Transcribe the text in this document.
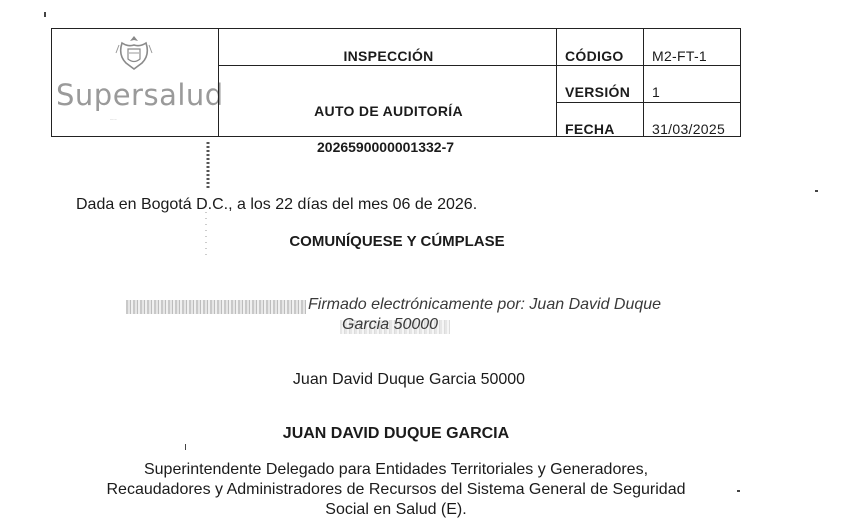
Supersalud
......
INSPECCIÓN
AUTO DE AUDITORÍA
CÓDIGO M2-FT-1
VERSIÓN 1
FECHA	31/03/2025
2026590000001332-7
Dada en Bogotá D.C., a los 22 días del mes 06 de 2026.
COMUNÍQUESE Y CÚMPLASE
Firmado electrónicamente por: Juan David Duque
Garcia 50000
Juan David Duque Garcia 50000
JUAN DAVID DUQUE GARCIA
Superintendente Delegado para Entidades Territoriales y Generadores,
Recaudadores y Administradores de Recursos del Sistema General de Seguridad
Social en Salud (E).
